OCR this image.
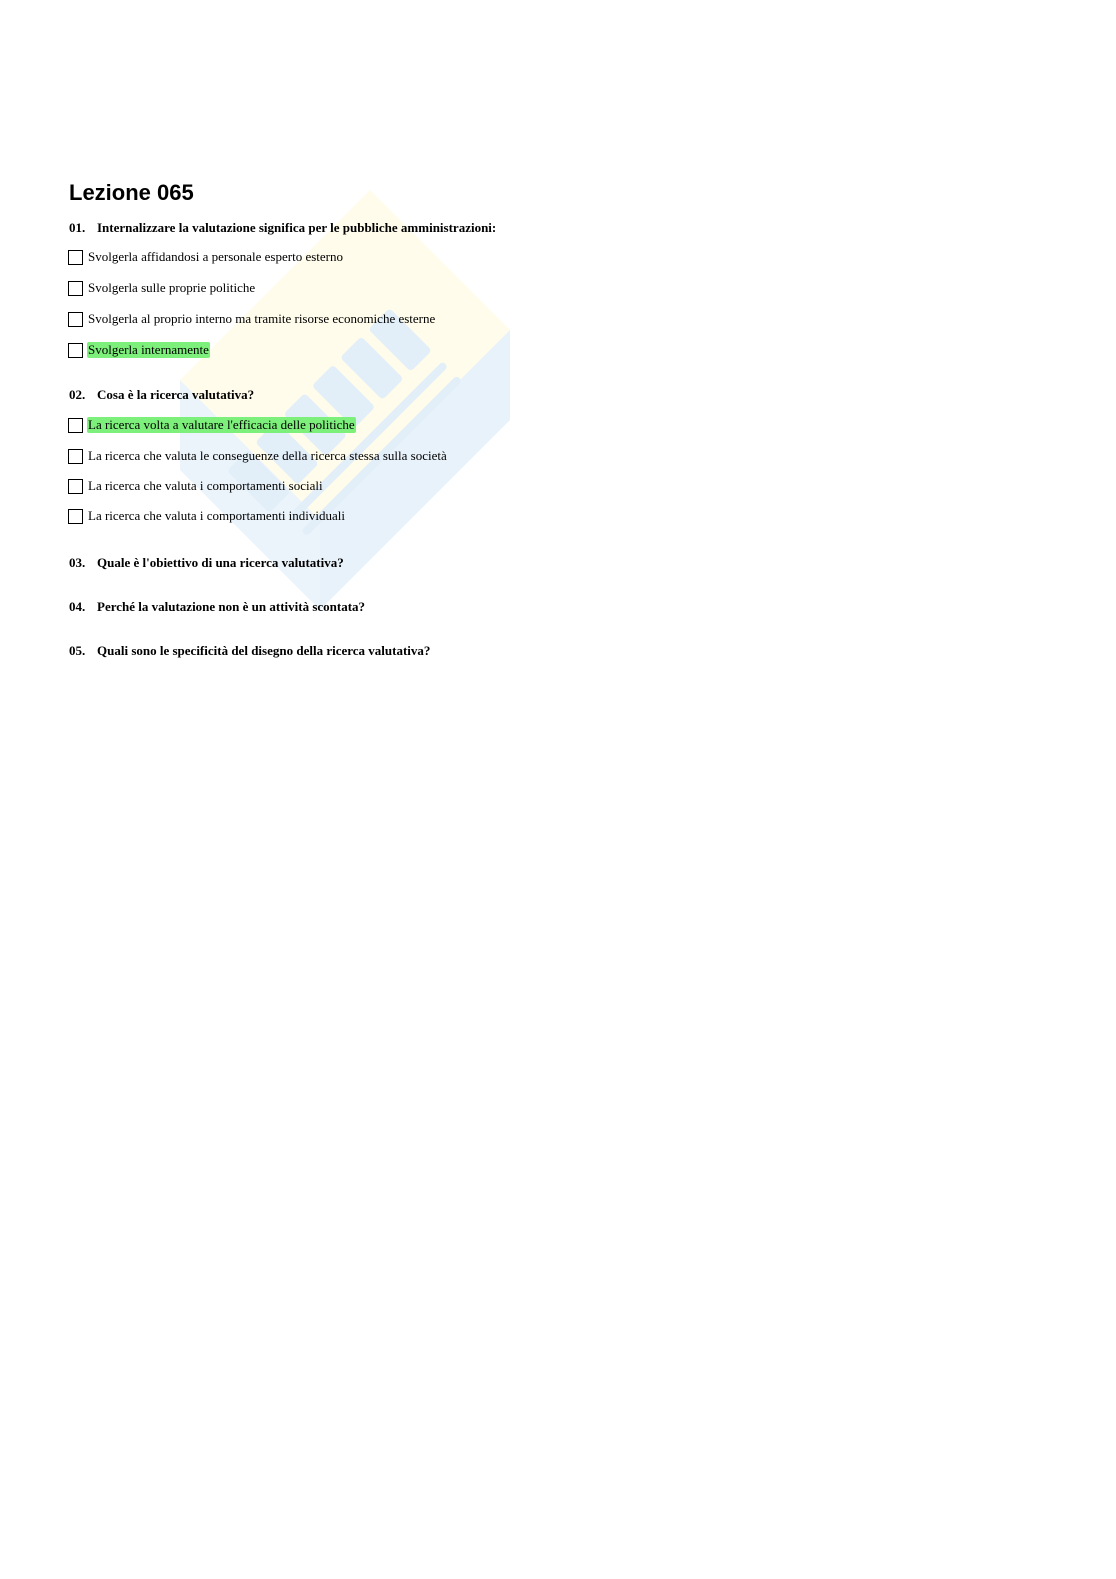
Lezione 065
01. Internalizzare la valutazione significa per le pubbliche amministrazioni:
Svolgerla affidandosi a personale esperto esterno
Svolgerla sulle proprie politiche
Svolgerla al proprio interno ma tramite risorse economiche esterne
Svolgerla internamente
02. Cosa è la ricerca valutativa?
La ricerca volta a valutare l'efficacia delle politiche
La ricerca che valuta le conseguenze della ricerca stessa sulla società
La ricerca che valuta i comportamenti sociali
La ricerca che valuta i comportamenti individuali
03. Quale è l'obiettivo di una ricerca valutativa?
04. Perché la valutazione non è un attività scontata?
05. Quali sono le specificità del disegno della ricerca valutativa?
